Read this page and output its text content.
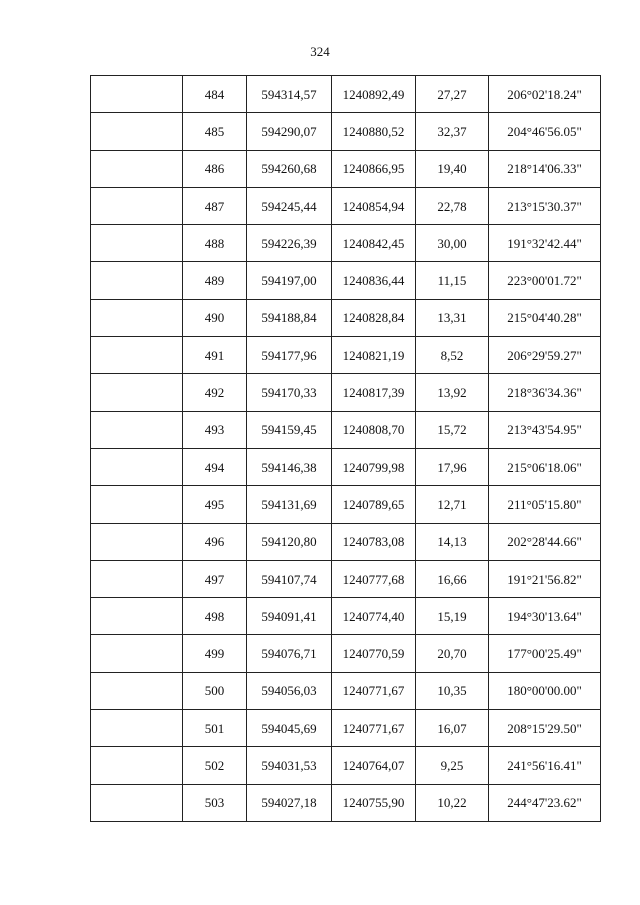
324
	484	594314,57	1240892,49	27,27	206°02'18.24"
	485	594290,07	1240880,52	32,37	204°46'56.05"
	486	594260,68	1240866,95	19,40	218°14'06.33"
	487	594245,44	1240854,94	22,78	213°15'30.37"
	488	594226,39	1240842,45	30,00	191°32'42.44"
	489	594197,00	1240836,44	11,15	223°00'01.72"
	490	594188,84	1240828,84	13,31	215°04'40.28"
	491	594177,96	1240821,19	8,52	206°29'59.27"
	492	594170,33	1240817,39	13,92	218°36'34.36"
	493	594159,45	1240808,70	15,72	213°43'54.95"
	494	594146,38	1240799,98	17,96	215°06'18.06"
	495	594131,69	1240789,65	12,71	211°05'15.80"
	496	594120,80	1240783,08	14,13	202°28'44.66"
	497	594107,74	1240777,68	16,66	191°21'56.82"
	498	594091,41	1240774,40	15,19	194°30'13.64"
	499	594076,71	1240770,59	20,70	177°00'25.49"
	500	594056,03	1240771,67	10,35	180°00'00.00"
	501	594045,69	1240771,67	16,07	208°15'29.50"
	502	594031,53	1240764,07	9,25	241°56'16.41"
	503	594027,18	1240755,90	10,22	244°47'23.62"
